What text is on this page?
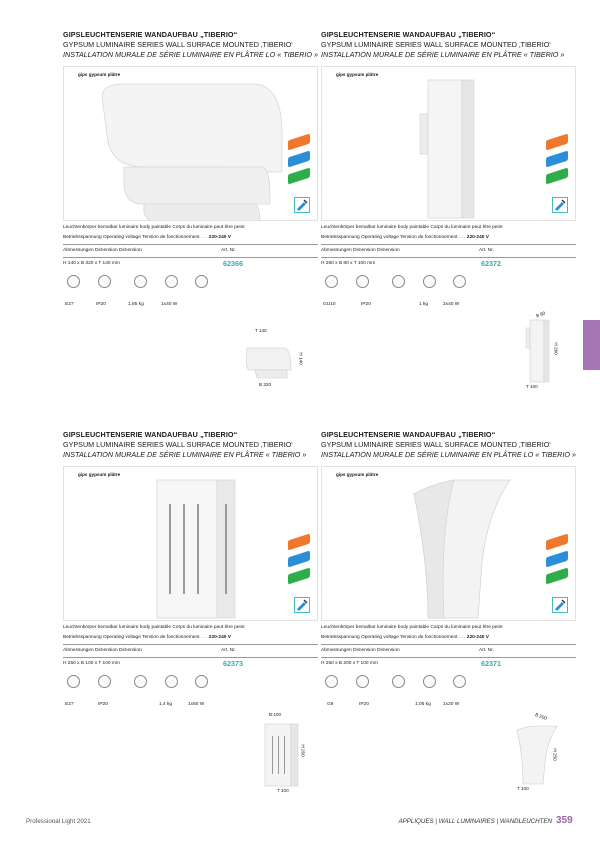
GIPSLEUCHTENSERIE WANDAUFBAU „TIBERIO“
GYPSUM LUMINAIRE SERIES WALL SURFACE MOUNTED ‚TIBERIO‘
INSTALLATION MURALE DE SÉRIE LUMINAIRE EN PLÂTRE LO « TIBERIO »
gips gypsum plâtre
Leuchtenkörper bemalbar luminaire body paintable Corps du luminaire peut être peint
Betriebsspannung Operating voltage Tension de fonctionnement . . . 220-240 V
Abmessungen Dimension Dimension	Art. Nr.
H 140 x B 320 x T 140 mm	62366
E27	IP20	1,85 kg	1x40 W
T 140
H 140
B 320
GIPSLEUCHTENSERIE WANDAUFBAU „TIBERIO“
GYPSUM LUMINAIRE SERIES WALL SURFACE MOUNTED ‚TIBERIO‘
INSTALLATION MURALE DE SÉRIE LUMINAIRE EN PLÂTRE « TIBERIO »
gips gypsum plâtre
Leuchtenkörper bemalbar luminaire body paintable Corps du luminaire peut être peint
Betriebsspannung Operating voltage Tension de fonctionnement . . . 220-240 V
Abmessungen Dimension Dimension	Art. Nr.
H 260 x B 80 x T 100 mm	62372
GU10	IP20	1 kg	2x40 W
B 80
H 260
T 100
GIPSLEUCHTENSERIE WANDAUFBAU „TIBERIO“
GYPSUM LUMINAIRE SERIES WALL SURFACE MOUNTED ‚TIBERIO‘
INSTALLATION MURALE DE SÉRIE LUMINAIRE EN PLÂTRE « TIBERIO »
gips gypsum plâtre
Leuchtenkörper bemalbar luminaire body paintable Corps du luminaire peut être peint
Betriebsspannung Operating voltage Tension de fonctionnement . . . 220-240 V
Abmessungen Dimension Dimension	Art. Nr.
H 250 x B 100 x T 100 mm	62373
E27	IP20	1,4 kg	1x60 W
B 100
H 250
T 100
GIPSLEUCHTENSERIE WANDAUFBAU „TIBERIO“
GYPSUM LUMINAIRE SERIES WALL SURFACE MOUNTED ‚TIBERIO‘
INSTALLATION MURALE DE SÉRIE LUMINAIRE EN PLÂTRE LO « TIBERIO »
gips gypsum plâtre
Leuchtenkörper bemalbar luminaire body paintable Corps du luminaire peut être peint
Betriebsspannung Operating voltage Tension de fonctionnement . . . 220-240 V
Abmessungen Dimension Dimension	Art. Nr.
H 250 x B 200 x T 100 mm	62371
G9	IP20	1,05 kg	1x20 W
B 200
H 250
T 100
Professional Light 2021	APPLIQUES | WALL LUMINAIRES | WANDLEUCHTEN 359
